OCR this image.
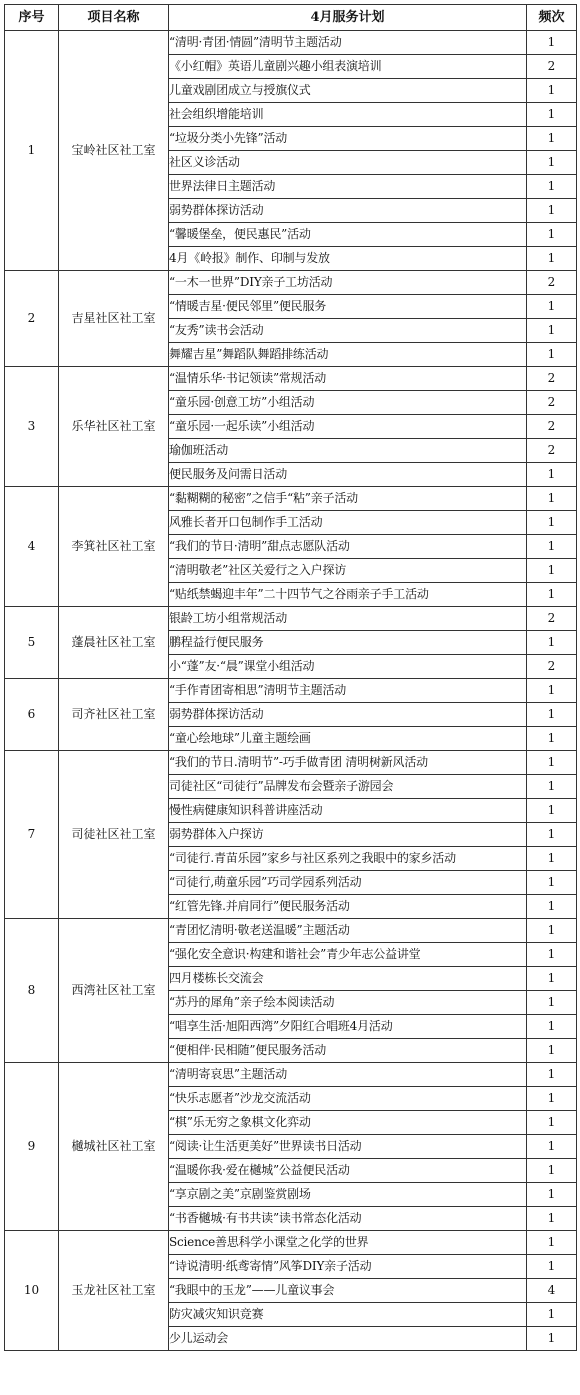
序号	项目名称	4月服务计划	频次
1	宝岭社区社工室	“清明·青团·情圆”清明节主题活动	1
		《小红帽》英语儿童剧兴趣小组表演培训	2
		儿童戏剧团成立与授旗仪式	1
		社会组织增能培训	1
		“垃圾分类小先锋”活动	1
		社区义诊活动	1
		世界法律日主题活动	1
		弱势群体探访活动	1
		“馨暖堡垒，便民惠民”活动	1
		4月《岭报》制作、印制与发放	1
2	吉星社区社工室	“一木一世界”DIY亲子工坊活动	2
		“情暖吉星·便民邻里”便民服务	1
		“友秀”读书会活动	1
		舞耀吉星”舞蹈队舞蹈排练活动	1
3	乐华社区社工室	“温情乐华·书记领读”常规活动	2
		“童乐园·创意工坊”小组活动	2
		“童乐园·一起乐读”小组活动	2
		瑜伽班活动	2
		便民服务及问需日活动	1
4	李箕社区社工室	“黏糊糊的秘密”之信手“粘”亲子活动	1
		风雅长者开口包制作手工活动	1
		“我们的节日·清明”甜点志愿队活动	1
		“清明敬老”社区关爱行之入户探访	1
		“贴纸禁蝎迎丰年”二十四节气之谷雨亲子手工活动	1
5	蓬晨社区社工室	银龄工坊小组常规活动	2
		鹏程益行便民服务	1
		小“蓬”友·“晨”课堂小组活动	2
6	司齐社区社工室	“手作青团寄相思”清明节主题活动	1
		弱势群体探访活动	1
		“童心绘地球”儿童主题绘画	1
7	司徒社区社工室	“我们的节日.清明节”-巧手做青团 清明树新风活动	1
		司徒社区“司徒行”品牌发布会暨亲子游园会	1
		慢性病健康知识科普讲座活动	1
		弱势群体入户探访	1
		“司徒行.青苗乐园”家乡与社区系列之我眼中的家乡活动	1
		“司徒行,萌童乐园”巧司学园系列活动	1
		“红管先锋.并肩同行”便民服务活动	1
8	西湾社区社工室	“青团忆清明·敬老送温暖”主题活动	1
		“强化安全意识·构建和谐社会”青少年志公益讲堂	1
		四月楼栋长交流会	1
		“苏丹的犀角”亲子绘本阅读活动	1
		“唱享生活·旭阳西湾”夕阳红合唱班4月活动	1
		“便相伴·民相随”便民服务活动	1
9	樾城社区社工室	“清明寄哀思”主题活动	1
		“快乐志愿者”沙龙交流活动	1
		“棋”乐无穷之象棋文化弈动	1
		“阅读·让生活更美好”世界读书日活动	1
		“温暖你我·爱在樾城”公益便民活动	1
		“享京剧之美”京剧鉴赏剧场	1
		“书香樾城·有书共读”读书常态化活动	1
10	玉龙社区社工室	Science善思科学小课堂之化学的世界	1
		“诗说清明·纸鸢寄情”风筝DIY亲子活动	1
		“我眼中的玉龙”——儿童议事会	4
		防灾减灾知识竞赛	1
		少儿运动会	1
